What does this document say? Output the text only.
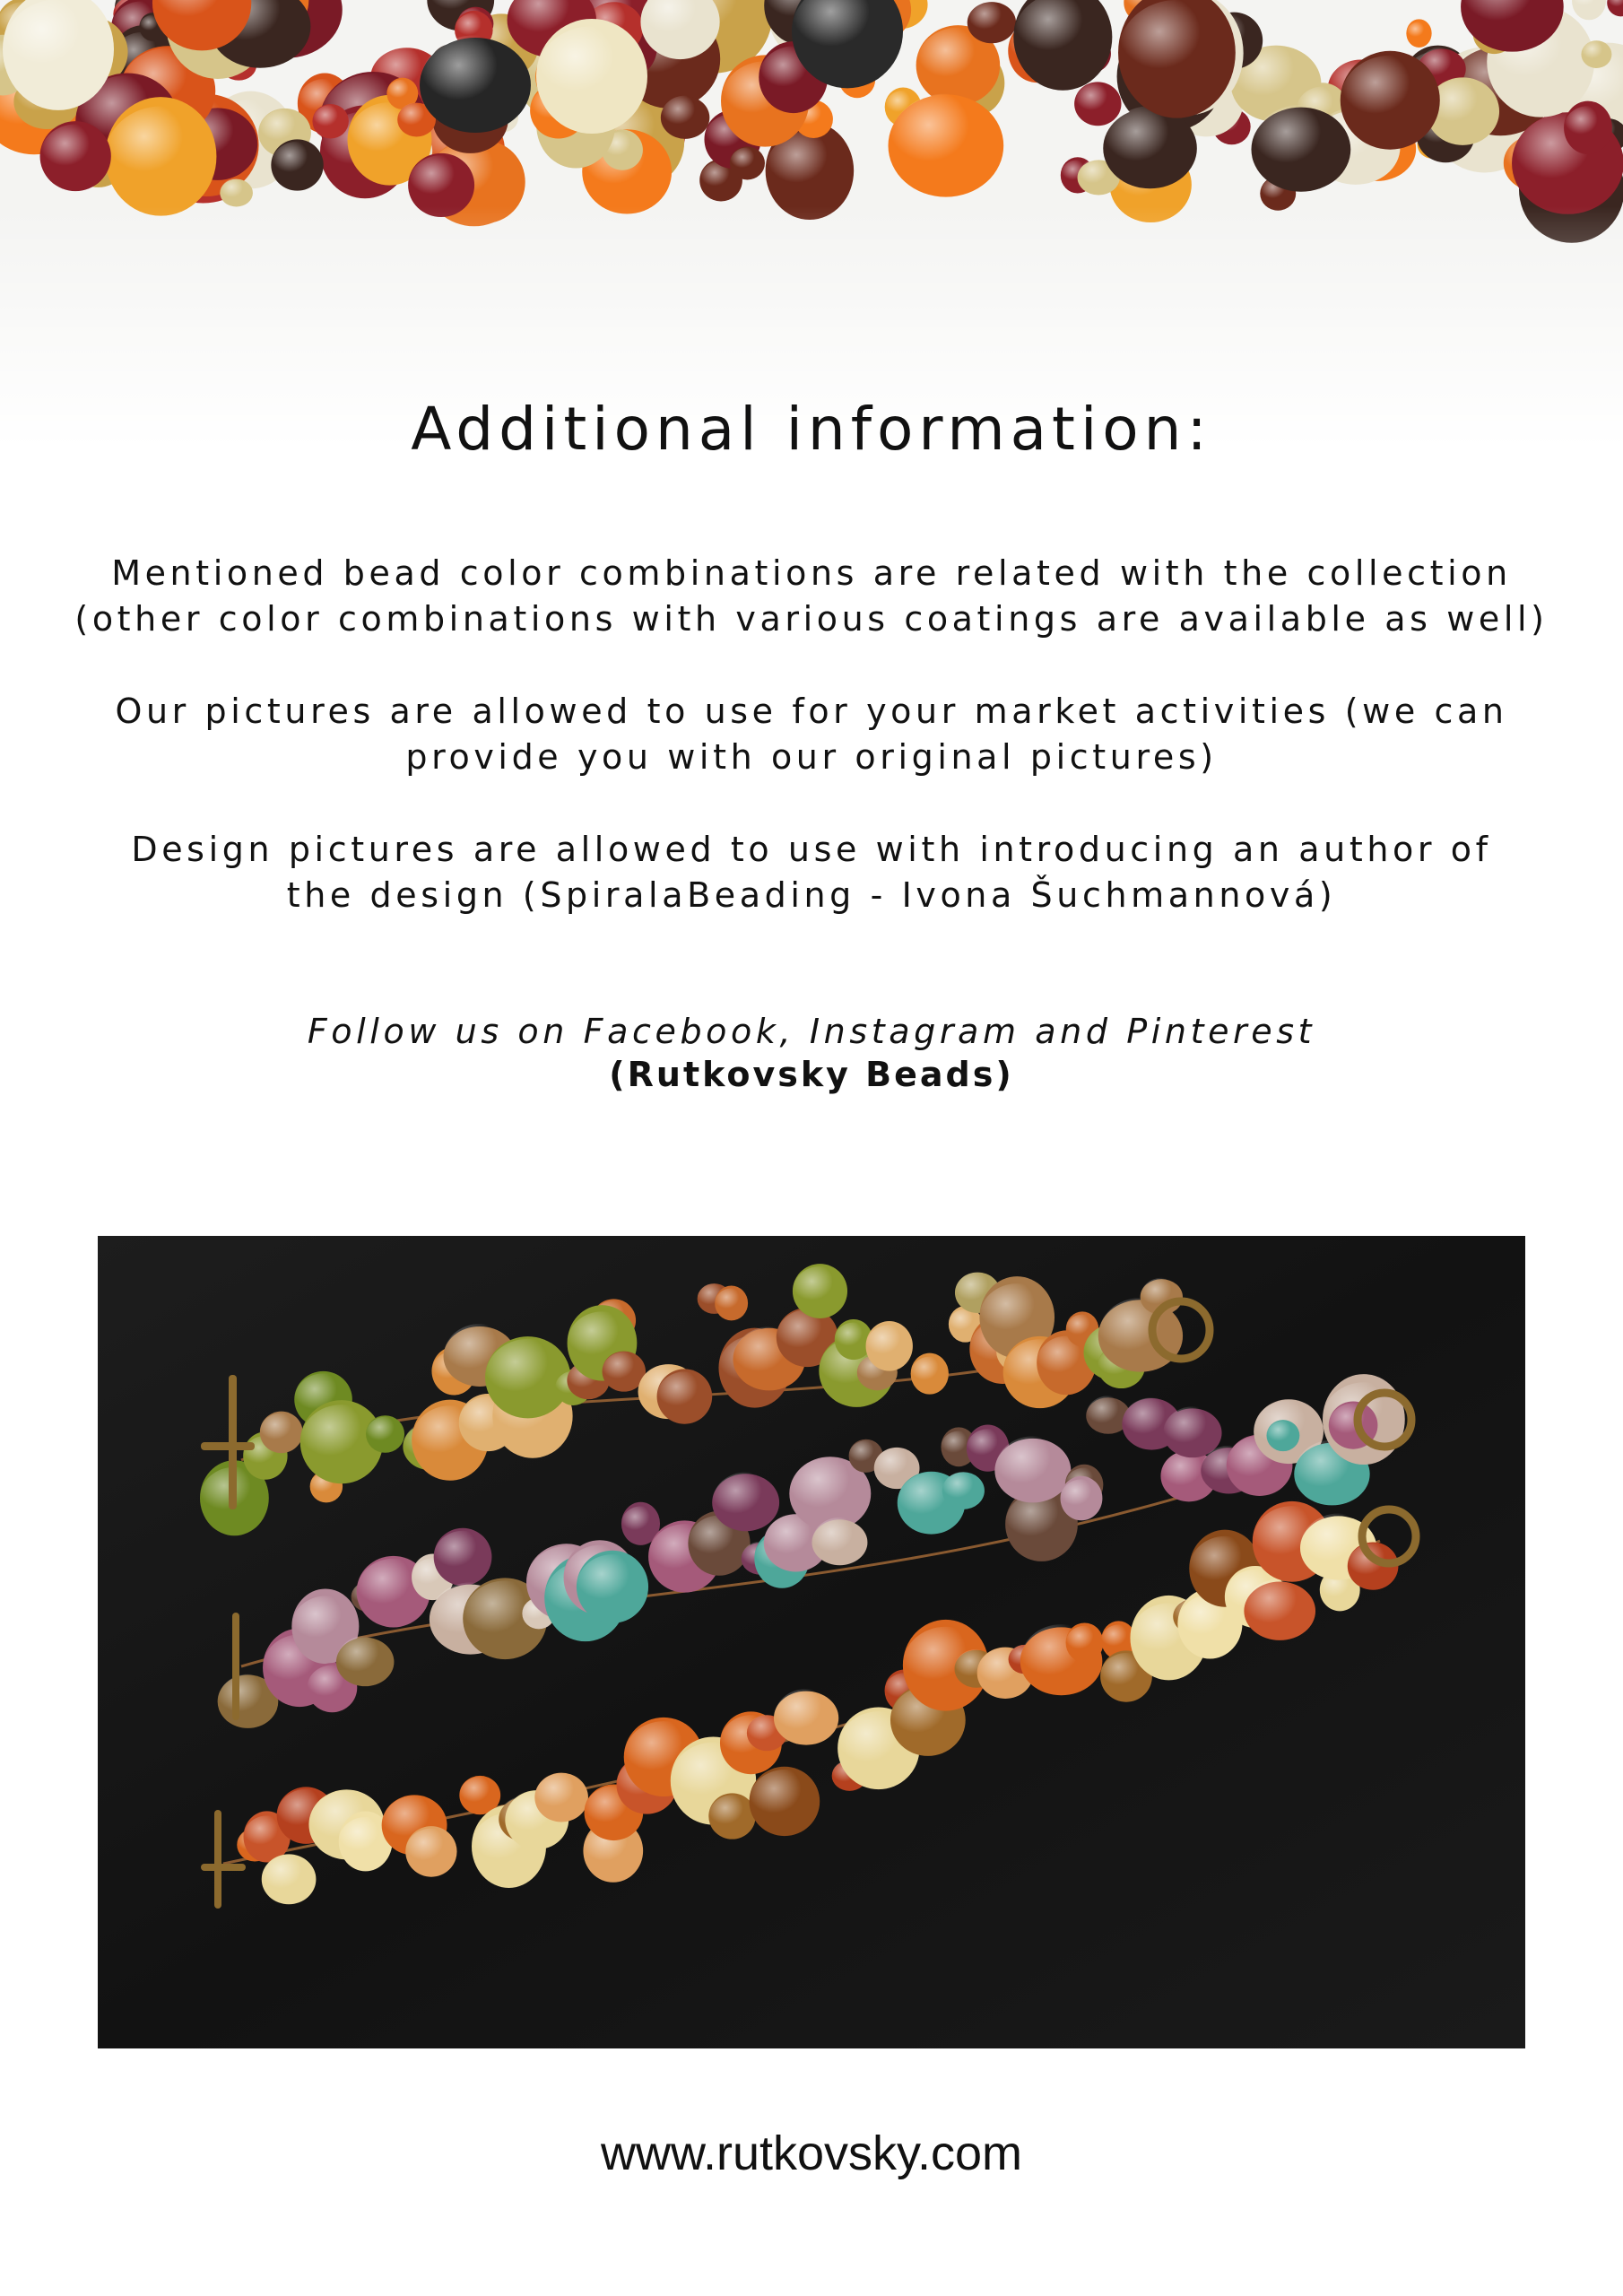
Additional information:

Mentioned bead color combinations are related with the collection
(other color combinations with various coatings are available as well)

Our pictures are allowed to use for your market activities (we can
provide you with our original pictures)

Design pictures are allowed to use with introducing an author of
the design (SpiralaBeading - Ivona Šuchmannová)

Follow us on Facebook, Instagram and Pinterest

(Rutkovsky Beads)

www.rutkovsky.com
